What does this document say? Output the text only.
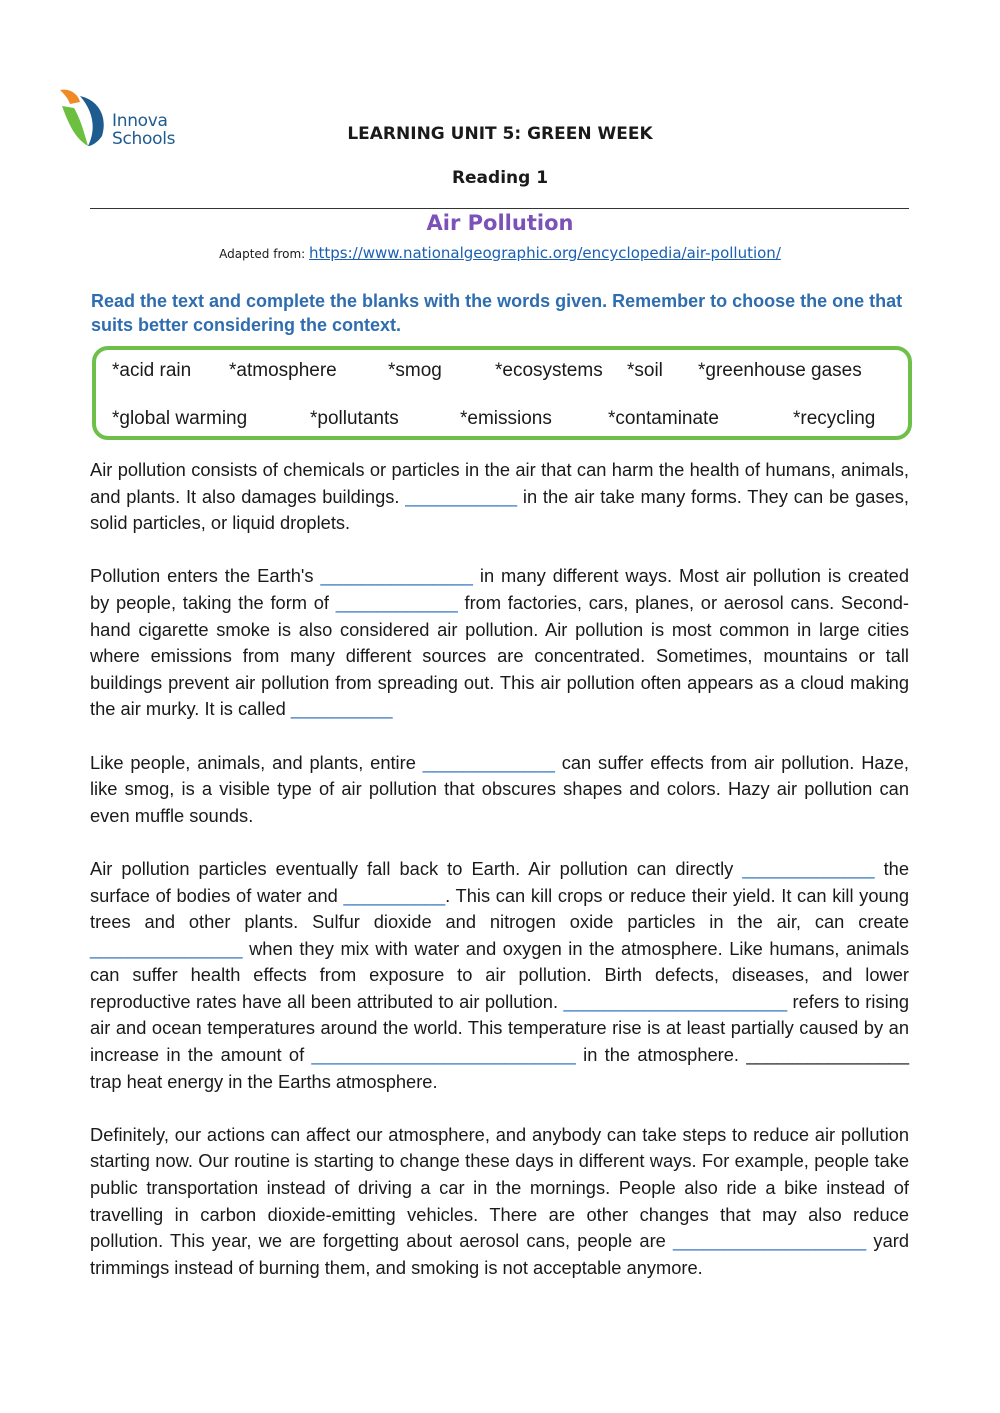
Innova
Schools	LEARNING UNIT 5: GREEN WEEK
Reading 1
Air Pollution
Adapted from: https://www.nationalgeographic.org/encyclopedia/air-pollution/
Read the text and complete the blanks with the words given. Remember to choose the one that suits better considering the context.
*acid rain *atmosphere	*smog	*ecosystems *soil *greenhouse gases
*global warming	*pollutants	*emissions	*contaminate	*recycling

Air pollution consists of chemicals or particles in the air that can harm the health of humans, animals, and plants. It also damages buildings. ___________ in the air take many forms. They can be gases, solid particles, or liquid droplets.

Pollution enters the Earth's _______________ in many different ways. Most air pollution is created by people, taking the form of ____________ from factories, cars, planes, or aerosol cans. Second-hand cigarette smoke is also considered air pollution. Air pollution is most common in large cities where emissions from many different sources are concentrated. Sometimes, mountains or tall buildings prevent air pollution from spreading out. This air pollution often appears as a cloud making the air murky. It is called __________

Like people, animals, and plants, entire _____________ can suffer effects from air pollution. Haze, like smog, is a visible type of air pollution that obscures shapes and colors. Hazy air pollution can even muffle sounds.

Air pollution particles eventually fall back to Earth. Air pollution can directly _____________ the surface of bodies of water and __________. This can kill crops or reduce their yield. It can kill young trees and other plants. Sulfur dioxide and nitrogen oxide particles in the air, can create _______________ when they mix with water and oxygen in the atmosphere. Like humans, animals can suffer health effects from exposure to air pollution. Birth defects, diseases, and lower reproductive rates have all been attributed to air pollution. ______________________ refers to rising air and ocean temperatures around the world. This temperature rise is at least partially caused by an increase in the amount of __________________________ in the atmosphere. ________________ trap heat energy in the Earths atmosphere.

Definitely, our actions can affect our atmosphere, and anybody can take steps to reduce air pollution starting now. Our routine is starting to change these days in different ways. For example, people take public transportation instead of driving a car in the mornings. People also ride a bike instead of travelling in carbon dioxide-emitting vehicles. There are other changes that may also reduce pollution. This year, we are forgetting about aerosol cans, people are ___________________ yard trimmings instead of burning them, and smoking is not acceptable anymore.
